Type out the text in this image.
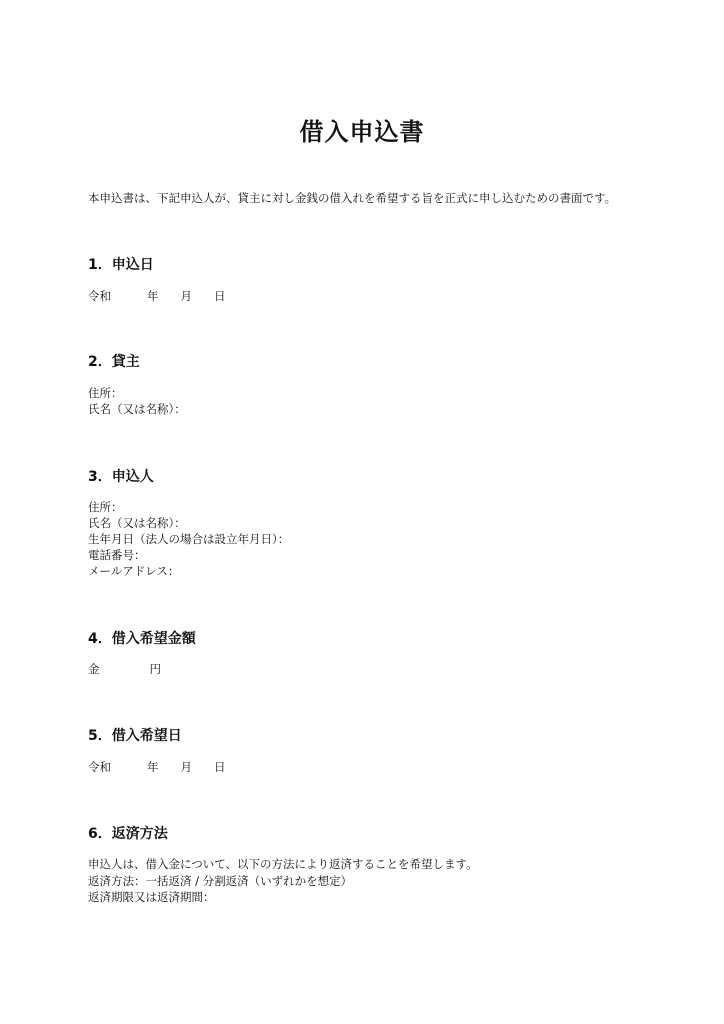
借入申込書

本申込書は、下記申込人が、貸主に対し金銭の借入れを希望する旨を正式に申し込むための書面です。

1．申込日

令和	年 月 日

2．貸主

住所：

氏名（又は名称）：

3．申込人

住所：

氏名（又は名称）：

生年月日（法人の場合は設立年月日）：

電話番号：

メールアドレス：

4．借入希望金額

金	円

5．借入希望日

令和	年 月 日

6．返済方法

申込人は、借入金について、以下の方法により返済することを希望します。

返済方法：一括返済 / 分割返済（いずれかを想定）

返済期限又は返済期間：
